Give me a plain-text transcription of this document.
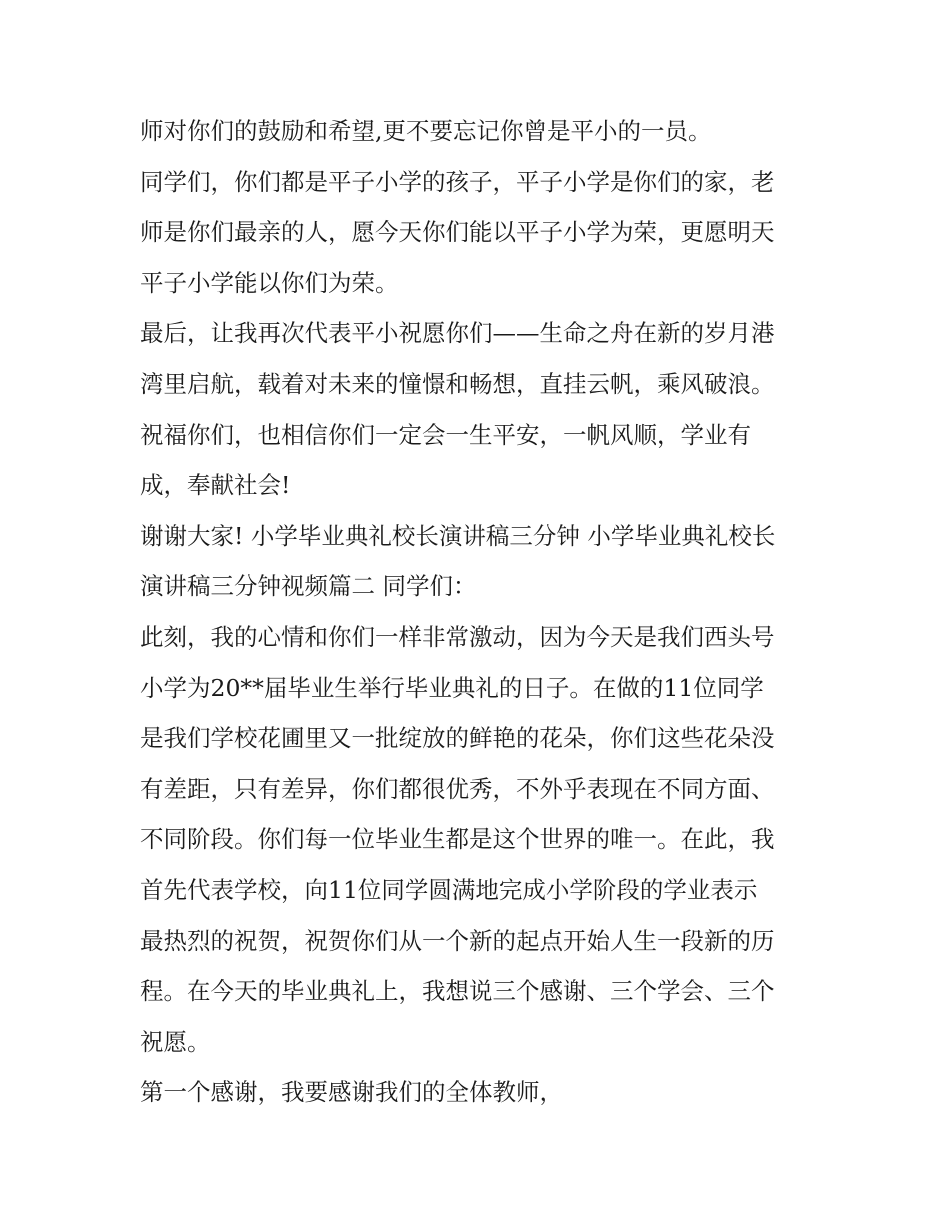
师对你们的鼓励和希望,更不要忘记你曾是平小的一员。
同学们，你们都是平子小学的孩子，平子小学是你们的家，老
师是你们最亲的人，愿今天你们能以平子小学为荣，更愿明天
平子小学能以你们为荣。
最后，让我再次代表平小祝愿你们——生命之舟在新的岁月港
湾里启航，载着对未来的憧憬和畅想，直挂云帆，乘风破浪。
祝福你们，也相信你们一定会一生平安，一帆风顺，学业有
成，奉献社会!
谢谢大家! 小学毕业典礼校长演讲稿三分钟 小学毕业典礼校长
演讲稿三分钟视频篇二 同学们：
此刻，我的心情和你们一样非常激动，因为今天是我们西头号
小学为20**届毕业生举行毕业典礼的日子。在做的11位同学
是我们学校花圃里又一批绽放的鲜艳的花朵，你们这些花朵没
有差距，只有差异，你们都很优秀，不外乎表现在不同方面、
不同阶段。你们每一位毕业生都是这个世界的唯一。在此，我
首先代表学校，向11位同学圆满地完成小学阶段的学业表示
最热烈的祝贺，祝贺你们从一个新的起点开始人生一段新的历
程。在今天的毕业典礼上，我想说三个感谢、三个学会、三个
祝愿。
第一个感谢，我要感谢我们的全体教师，
